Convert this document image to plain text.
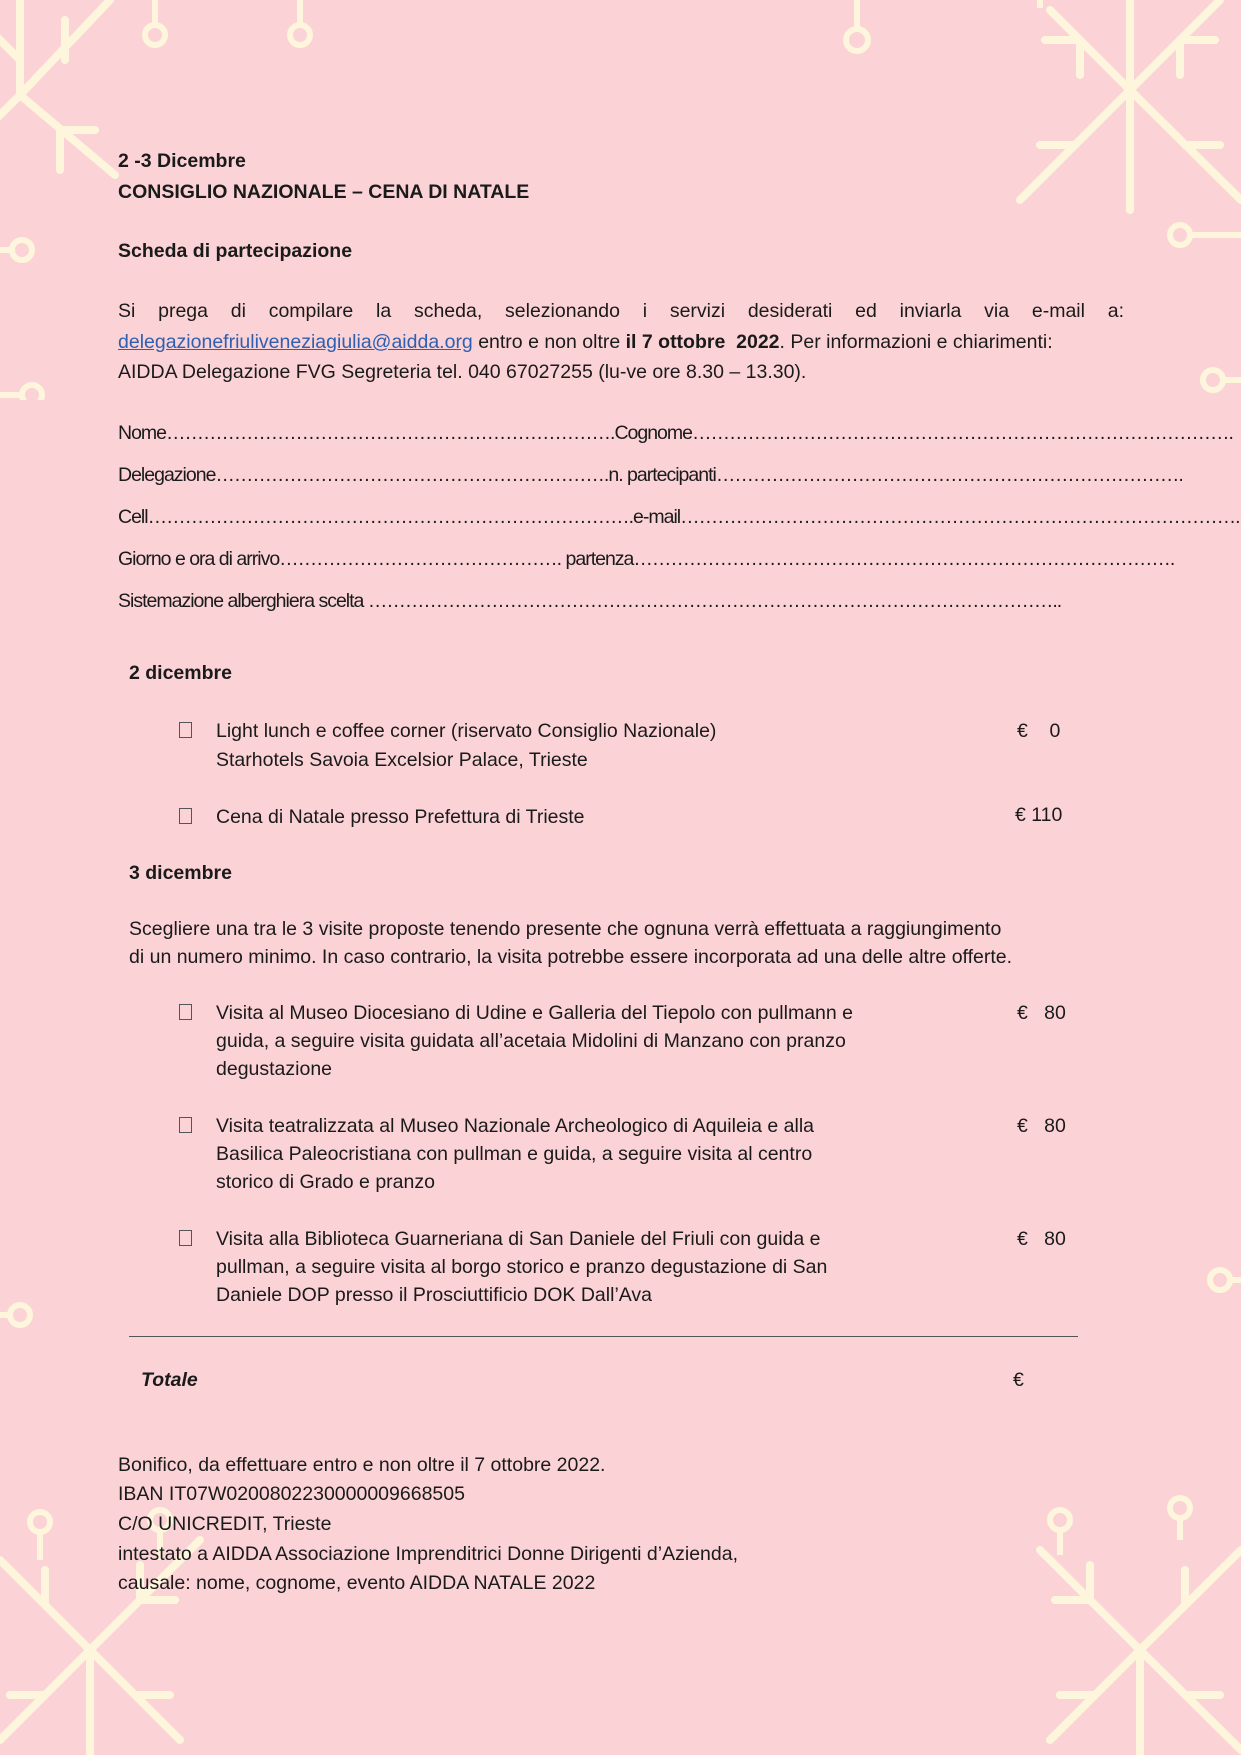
2 -3 Dicembre
CONSIGLIO NAZIONALE – CENA DI NATALE
Scheda di partecipazione
Si prega di compilare la scheda, selezionando i servizi desiderati ed inviarla via e-mail a:
delegazionefriuliveneziagiulia@aidda.org entro e non oltre il 7 ottobre  2022. Per informazioni e chiarimenti:
AIDDA Delegazione FVG Segreteria tel. 040 67027255 (lu-ve ore 8.30 – 13.30).
Nome……………………………………………………………….Cognome…………………………………………………………………………….
Delegazione……………………………………………………….n. partecipanti………………………………………………………………….
Cell…………………………………………………………………….e-mail……………………………………………………………………………….
Giorno e ora di arrivo………………………………………. partenza…………………………………………………………………………….
Sistemazione alberghiera scelta …………………………………………………………………………………………………..
2 dicembre
Light lunch e coffee corner (riservato Consiglio Nazionale)
Starhotels Savoia Excelsior Palace, Trieste
€    0
Cena di Natale presso Prefettura di Trieste	€ 110
3 dicembre
Scegliere una tra le 3 visite proposte tenendo presente che ognuna verrà effettuata a raggiungimento
di un numero minimo. In caso contrario, la visita potrebbe essere incorporata ad una delle altre offerte.
Visita al Museo Diocesiano di Udine e Galleria del Tiepolo con pullmann e
guida, a seguire visita guidata all’acetaia Midolini di Manzano con pranzo
degustazione
€   80
Visita teatralizzata al Museo Nazionale Archeologico di Aquileia e alla
Basilica Paleocristiana con pullman e guida, a seguire visita al centro
storico di Grado e pranzo
€   80
Visita alla Biblioteca Guarneriana di San Daniele del Friuli con guida e
pullman, a seguire visita al borgo storico e pranzo degustazione di San
Daniele DOP presso il Prosciuttificio DOK Dall’Ava
€   80
Totale	€
Bonifico, da effettuare entro e non oltre il 7 ottobre 2022.
IBAN IT07W0200802230000009668505
C/O UNICREDIT, Trieste
intestato a AIDDA Associazione Imprenditrici Donne Dirigenti d’Azienda,
causale: nome, cognome, evento AIDDA NATALE 2022
